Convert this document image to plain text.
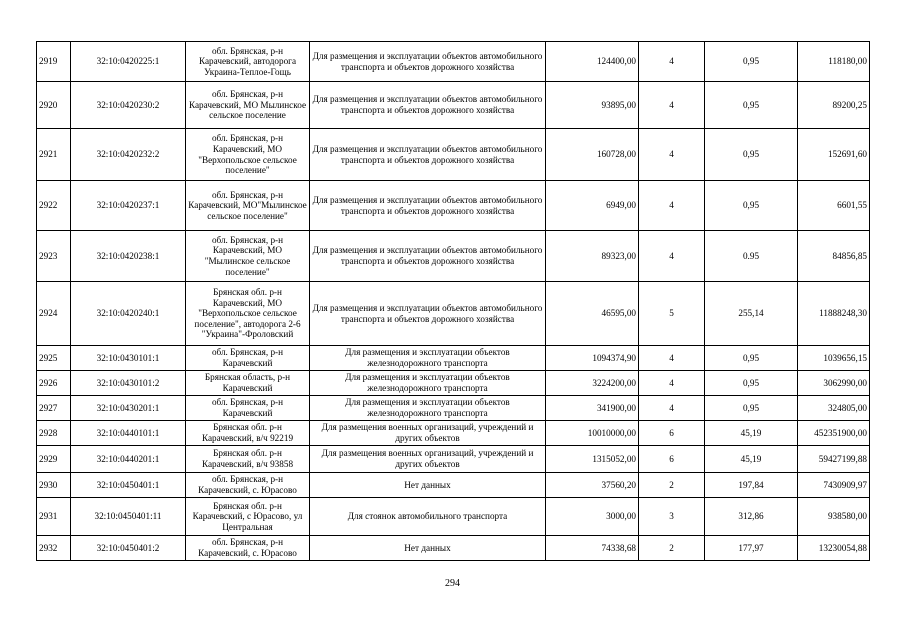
2919	32:10:0420225:1	обл. Брянская, р-н Карачевский, автодорога Украина-Теплое-Гощь	Для размещения и эксплуатации объектов автомобильного транспорта и объектов дорожного хозяйства	124400,00	4	0,95	118180,00
2920	32:10:0420230:2	обл. Брянская, р-н Карачевский, МО Мылинское сельское поселение	Для размещения и эксплуатации объектов автомобильного транспорта и объектов дорожного хозяйства	93895,00	4	0,95	89200,25
2921	32:10:0420232:2	обл. Брянская, р-н Карачевский, МО "Верхопольское сельское поселение"	Для размещения и эксплуатации объектов автомобильного транспорта и объектов дорожного хозяйства	160728,00	4	0,95	152691,60
2922	32:10:0420237:1	обл. Брянская, р-н Карачевский, МО"Мылинское сельское поселение"	Для размещения и эксплуатации объектов автомобильного транспорта и объектов дорожного хозяйства	6949,00	4	0,95	6601,55
2923	32:10:0420238:1	обл. Брянская, р-н Карачевский, МО "Мылинское сельское поселение"	Для размещения и эксплуатации объектов автомобильного транспорта и объектов дорожного хозяйства	89323,00	4	0.95	84856,85
2924	32:10:0420240:1	Брянская обл. р-н Карачевский, МО "Верхопольское сельское поселение", автодорога 2-6 "Украина"-Фроловский	Для размещения и эксплуатации объектов автомобильного транспорта и объектов дорожного хозяйства	46595,00	5	255,14	11888248,30
2925	32:10:0430101:1	обл. Брянская, р-н Карачевский	Для размещения и эксплуатации объектов железнодорожного транспорта	1094374,90	4	0,95	1039656,15
2926	32:10:0430101:2	Брянская область, р-н Карачевский	Для размещения и эксплуатации объектов железнодорожного транспорта	3224200,00	4	0,95	3062990,00
2927	32:10:0430201:1	обл. Брянская, р-н Карачевский	Для размещения и эксплуатации объектов железнодорожного транспорта	341900,00	4	0,95	324805,00
2928	32:10:0440101:1	Брянская обл. р-н Карачевский, в/ч 92219	Для размещения военных организаций, учреждений и других объектов	10010000,00	6	45,19	452351900,00
2929	32:10:0440201:1	Брянская обл. р-н Карачевский, в/ч 93858	Для размещения военных организаций, учреждений и других объектов	1315052,00	6	45,19	59427199,88
2930	32:10:0450401:1	обл. Брянская, р-н Карачевский, с. Юрасово	Нет данных	37560,20	2	197,84	7430909,97
2931	32:10:0450401:11	Брянская обл. р-н Карачевский, с Юрасово, ул Центральная	Для стоянок автомобильного транспорта	3000,00	3	312,86	938580,00
2932	32:10:0450401:2	обл. Брянская, р-н Карачевский, с. Юрасово	Нет данных	74338,68	2	177,97	13230054,88
294
